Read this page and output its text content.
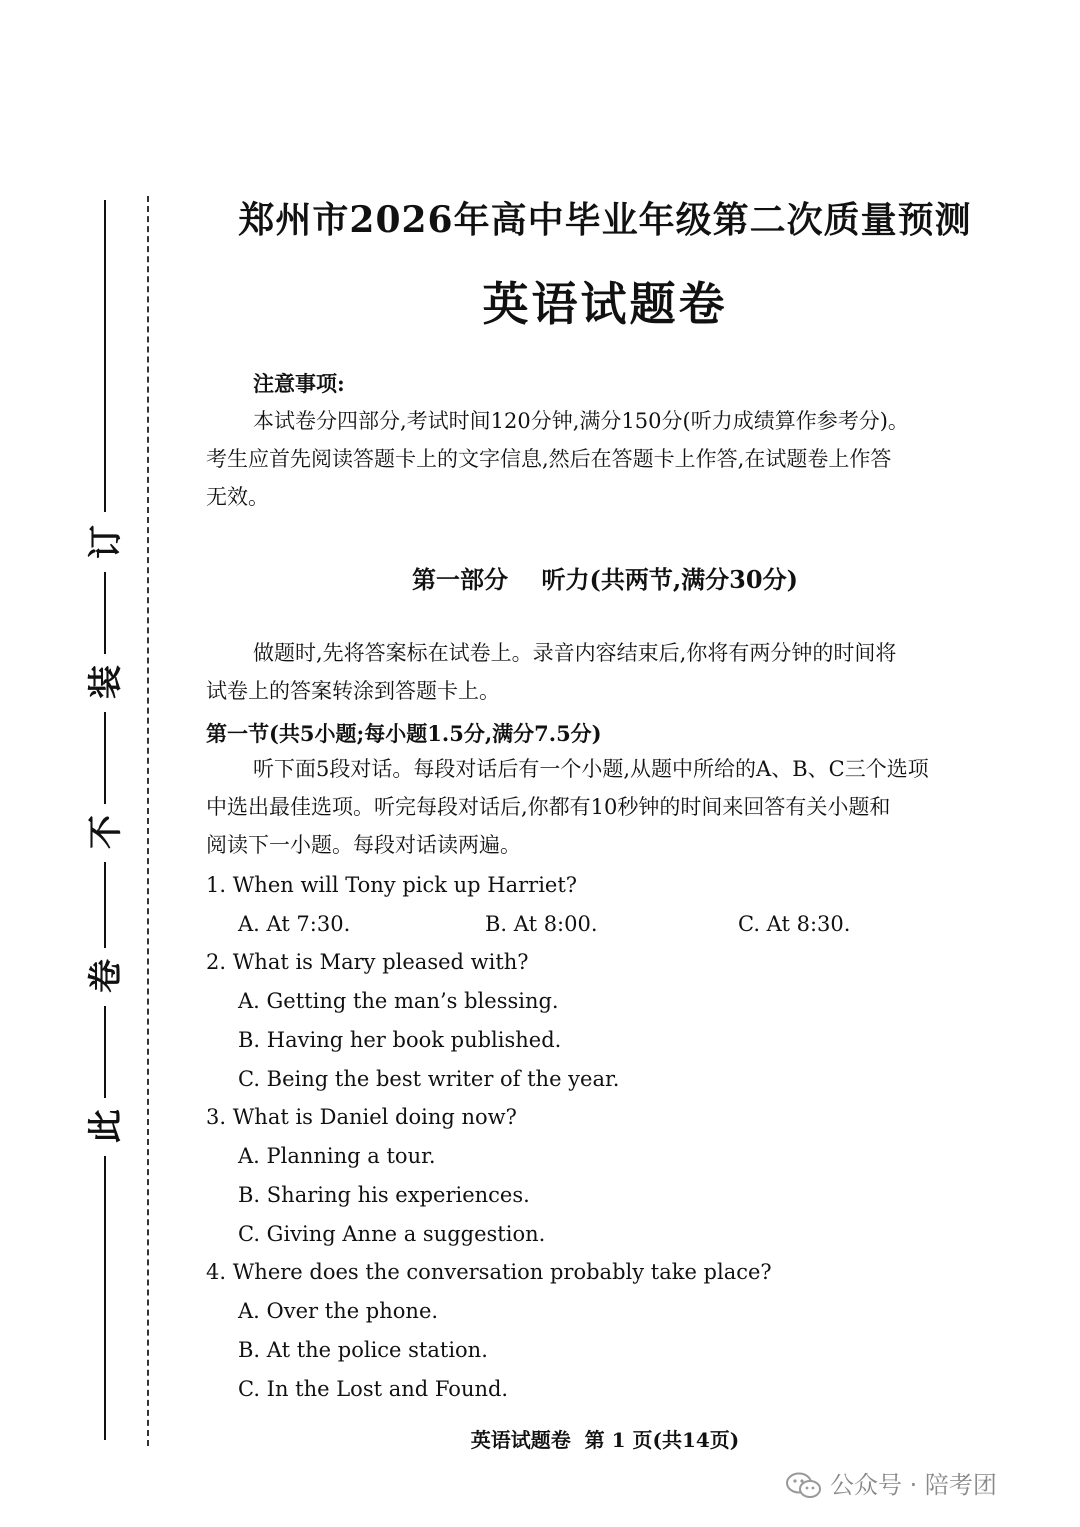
订
装
不
卷
此
郑州市2026年高中毕业年级第二次质量预测
英语试题卷
注意事项:
本试卷分四部分,考试时间120分钟,满分150分(听力成绩算作参考分)。
考生应首先阅读答题卡上的文字信息,然后在答题卡上作答,在试题卷上作答
无效。
第一部分    听力(共两节,满分30分)
做题时,先将答案标在试卷上。录音内容结束后,你将有两分钟的时间将
试卷上的答案转涂到答题卡上。
第一节(共5小题;每小题1.5分,满分7.5分)
听下面5段对话。每段对话后有一个小题,从题中所给的A、B、C三个选项
中选出最佳选项。听完每段对话后,你都有10秒钟的时间来回答有关小题和
阅读下一小题。每段对话读两遍。
1. When will Tony pick up Harriet?
A. At 7:30.	B. At 8:00.	C. At 8:30.
2. What is Mary pleased with?
A. Getting the man’s blessing.
B. Having her book published.
C. Being the best writer of the year.
3. What is Daniel doing now?
A. Planning a tour.
B. Sharing his experiences.
C. Giving Anne a suggestion.
4. Where does the conversation probably take place?
A. Over the phone.
B. At the police station.
C. In the Lost and Found.
英语试题卷  第 1 页(共14页)
公众号 · 陪考团
